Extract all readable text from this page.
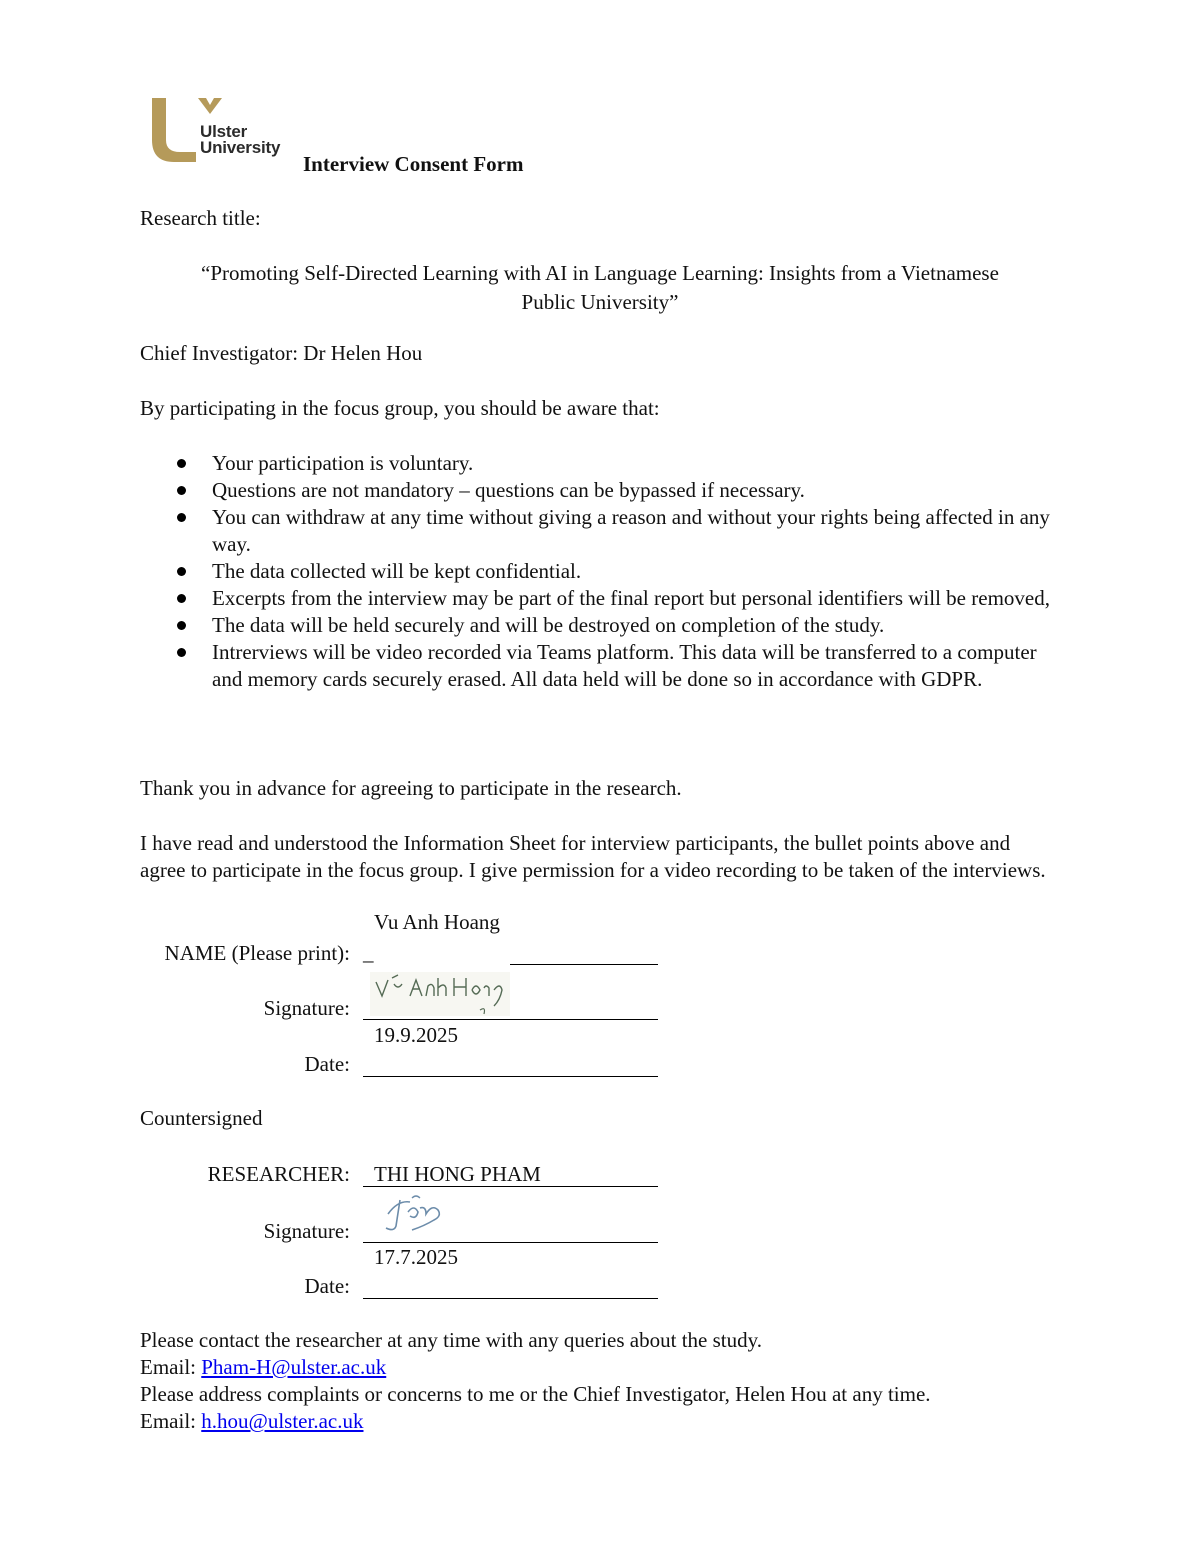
Ulster
University
Interview Consent Form
Research title:
“Promoting Self-Directed Learning with AI in Language Learning: Insights from a Vietnamese
Public University”
Chief Investigator: Dr Helen Hou
By participating in the focus group, you should be aware that:
Your participation is voluntary.
Questions are not mandatory – questions can be bypassed if necessary.
You can withdraw at any time without giving a reason and without your rights being affected in any way.
The data collected will be kept confidential.
Excerpts from the interview may be part of the final report but personal identifiers will be removed,
The data will be held securely and will be destroyed on completion of the study.
Intrerviews will be video recorded via Teams platform. This data will be transferred to a computer and memory cards securely erased. All data held will be done so in accordance with GDPR.
Thank you in advance for agreeing to participate in the research.
I have read and understood the Information Sheet for interview participants, the bullet points above and agree to participate in the focus group. I give permission for a video recording to be taken of the interviews.
Vu Anh Hoang
NAME (Please print): _
Signature:
19.9.2025
Date:
Countersigned
RESEARCHER: THI HONG PHAM
Signature:
17.7.2025
Date:
Please contact the researcher at any time with any queries about the study.
Email: Pham-H@ulster.ac.uk
Please address complaints or concerns to me or the Chief Investigator, Helen Hou at any time.
Email: h.hou@ulster.ac.uk
